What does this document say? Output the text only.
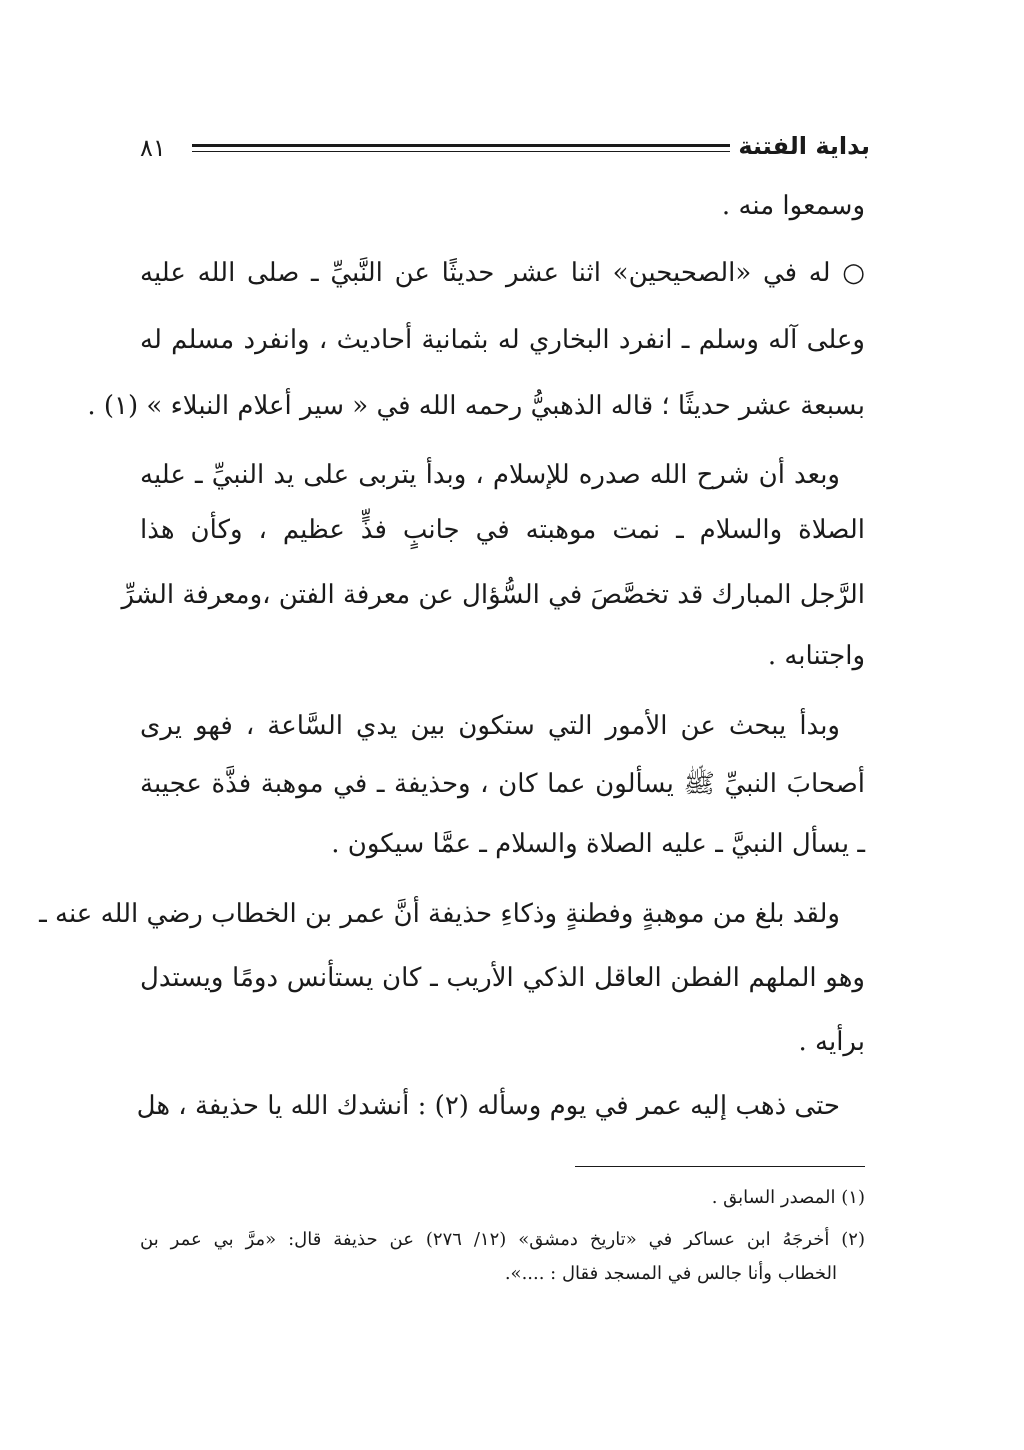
بداية الفتنة
٨١
وسمعوا منه .
○ له في «الصحيحين» اثنا عشر حديثًا عن النَّبيِّ ـ صلى الله عليه
وعلى آله وسلم ـ انفرد البخاري له بثمانية أحاديث ، وانفرد مسلم له
بسبعة عشر حديثًا ؛ قاله الذهبيُّ رحمه الله في « سير أعلام النبلاء » (١) .
وبعد أن شرح الله صدره للإسلام ، وبدأ يتربى على يد النبيِّ ـ عليه
الصلاة والسلام ـ نمت موهبته في جانبٍ فذٍّ عظيم ، وكأن هذا
الرَّجل المبارك قد تخصَّصَ في السُّؤال عن معرفة الفتن ،ومعرفة الشرِّ
واجتنابه .
وبدأ يبحث عن الأمور التي ستكون بين يدي السَّاعة ، فهو يرى
أصحابَ النبيِّ ﷺ يسألون عما كان ، وحذيفة ـ في موهبة فذَّة عجيبة
ـ يسأل النبيَّ ـ عليه الصلاة والسلام ـ عمَّا سيكون .
ولقد بلغ من موهبةٍ وفطنةٍ وذكاءِ حذيفة أنَّ عمر بن الخطاب رضي الله عنه ـ
وهو الملهم الفطن العاقل الذكي الأريب ـ كان يستأنس دومًا ويستدل
برأيه .
حتى ذهب إليه عمر في يوم وسأله (٢) : أنشدك الله يا حذيفة ، هل
(١) المصدر السابق .
(٢) أخرجَهُ ابن عساكر في «تاريخ دمشق» (١٢/ ٢٧٦) عن حذيفة قال: «مرَّ بي عمر بن
الخطاب وأنا جالس في المسجد فقال : ....».
